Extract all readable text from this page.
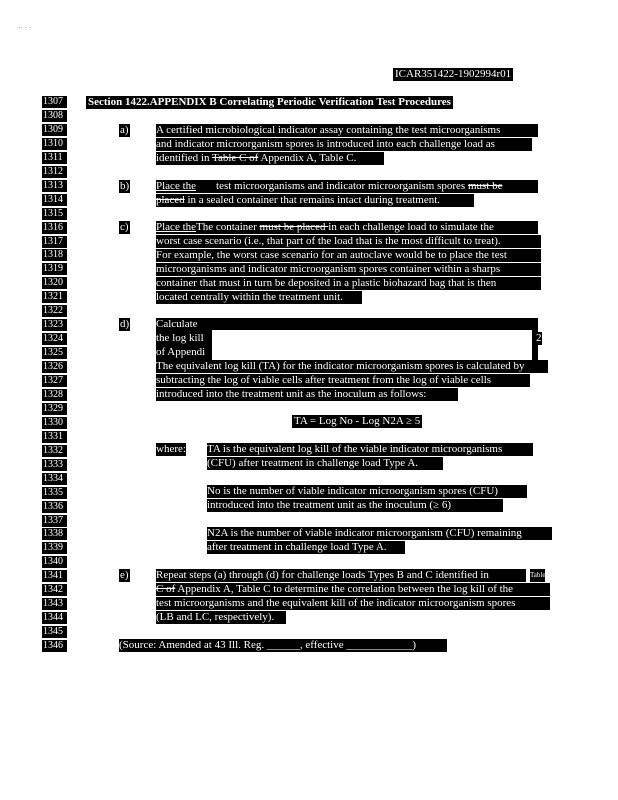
·· · ·
ICAR351422-1902994r01
1307
1308
1309
1310
1311
1312
1313
1314
1315
1316
1317
1318
1319
1320
1321
1322
1323
1324
1325
1326
1327
1328
1329
1330
1331
1332
1333
1334
1335
1336
1337
1338
1339
1340
1341
1342
1343
1344
1345
1346
Section 1422.APPENDIX B Correlating Periodic Verification Test Procedures
a) A certified microbiological indicator assay containing the test microorganisms
and indicator microorganism spores is introduced into each challenge load as
identified in Table C of Appendix A, Table C.
b) Place the test microorganisms and indicator microorganism spores must be
placed in a sealed container that remains intact during treatment.
c) Place theThe container must be placed in each challenge load to simulate the
worst case scenario (i.e., that part of the load that is the most difficult to treat).
For example, the worst case scenario for an autoclave would be to place the test
microorganisms and indicator microorganism spores container within a sharps
container that must in turn be deposited in a plastic biohazard bag that is then
located centrally within the treatment unit.
d) Calculate
the log kill
of Appendi
2
The equivalent log kill (TA) for the indicator microorganism spores is calculated by
subtracting the log of viable cells after treatment from the log of viable cells
introduced into the treatment unit as the inoculum as follows:
TA = Log No - Log N2A ≥ 5
where: TA is the equivalent log kill of the viable indicator microorganisms
(CFU) after treatment in challenge load Type A.
No is the number of viable indicator microorganism spores (CFU)
introduced into the treatment unit as the inoculum (≥ 6)
N2A is the number of viable indicator microorganism (CFU) remaining
after treatment in challenge load Type A.
e) Repeat steps (a) through (d) for challenge loads Types B and C identified in	Table
C of Appendix A, Table C to determine the correlation between the log kill of the
test microorganisms and the equivalent kill of the indicator microorganism spores
(LB and LC, respectively).
(Source: Amended at 43 Ill. Reg. ______, effective ____________)
